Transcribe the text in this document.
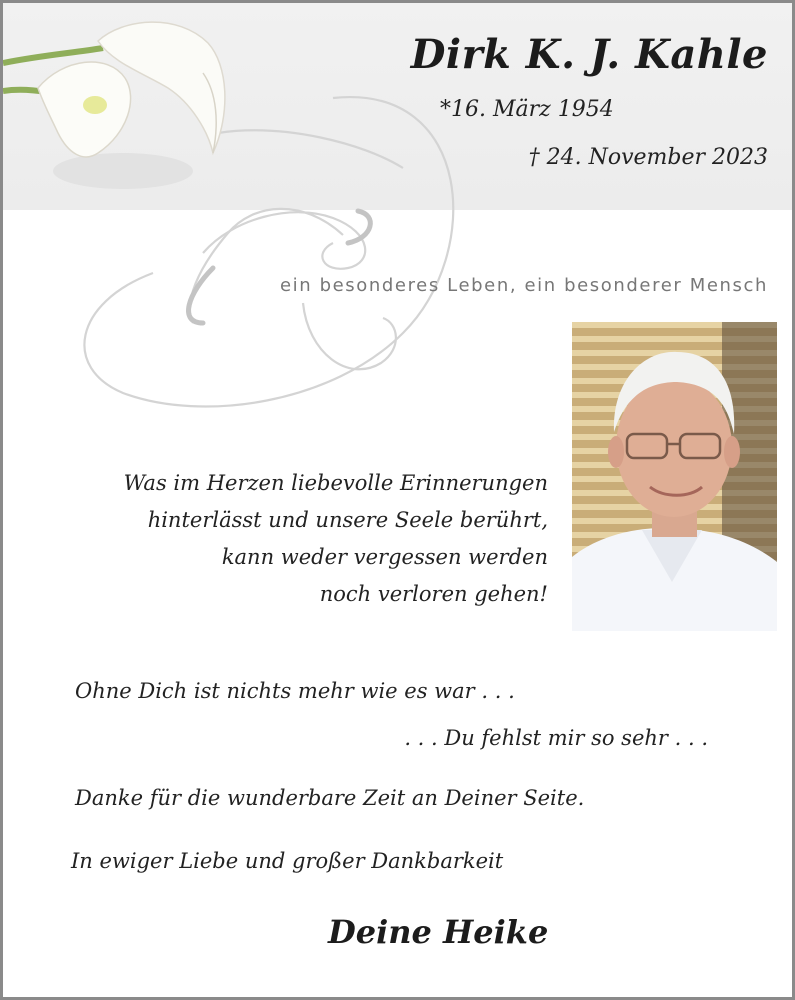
Dirk K. J. Kahle
*16. März 1954
† 24. November 2023
ein besonderes Leben, ein besonderer Mensch
Was im Herzen liebevolle Erinnerungen
hinterlässt und unsere Seele berührt,
kann weder vergessen werden
noch verloren gehen!
Ohne Dich ist nichts mehr wie es war . . .
. . . Du fehlst mir so sehr . . .
Danke für die wunderbare Zeit an Deiner Seite.
In ewiger Liebe und großer Dankbarkeit
Deine Heike
